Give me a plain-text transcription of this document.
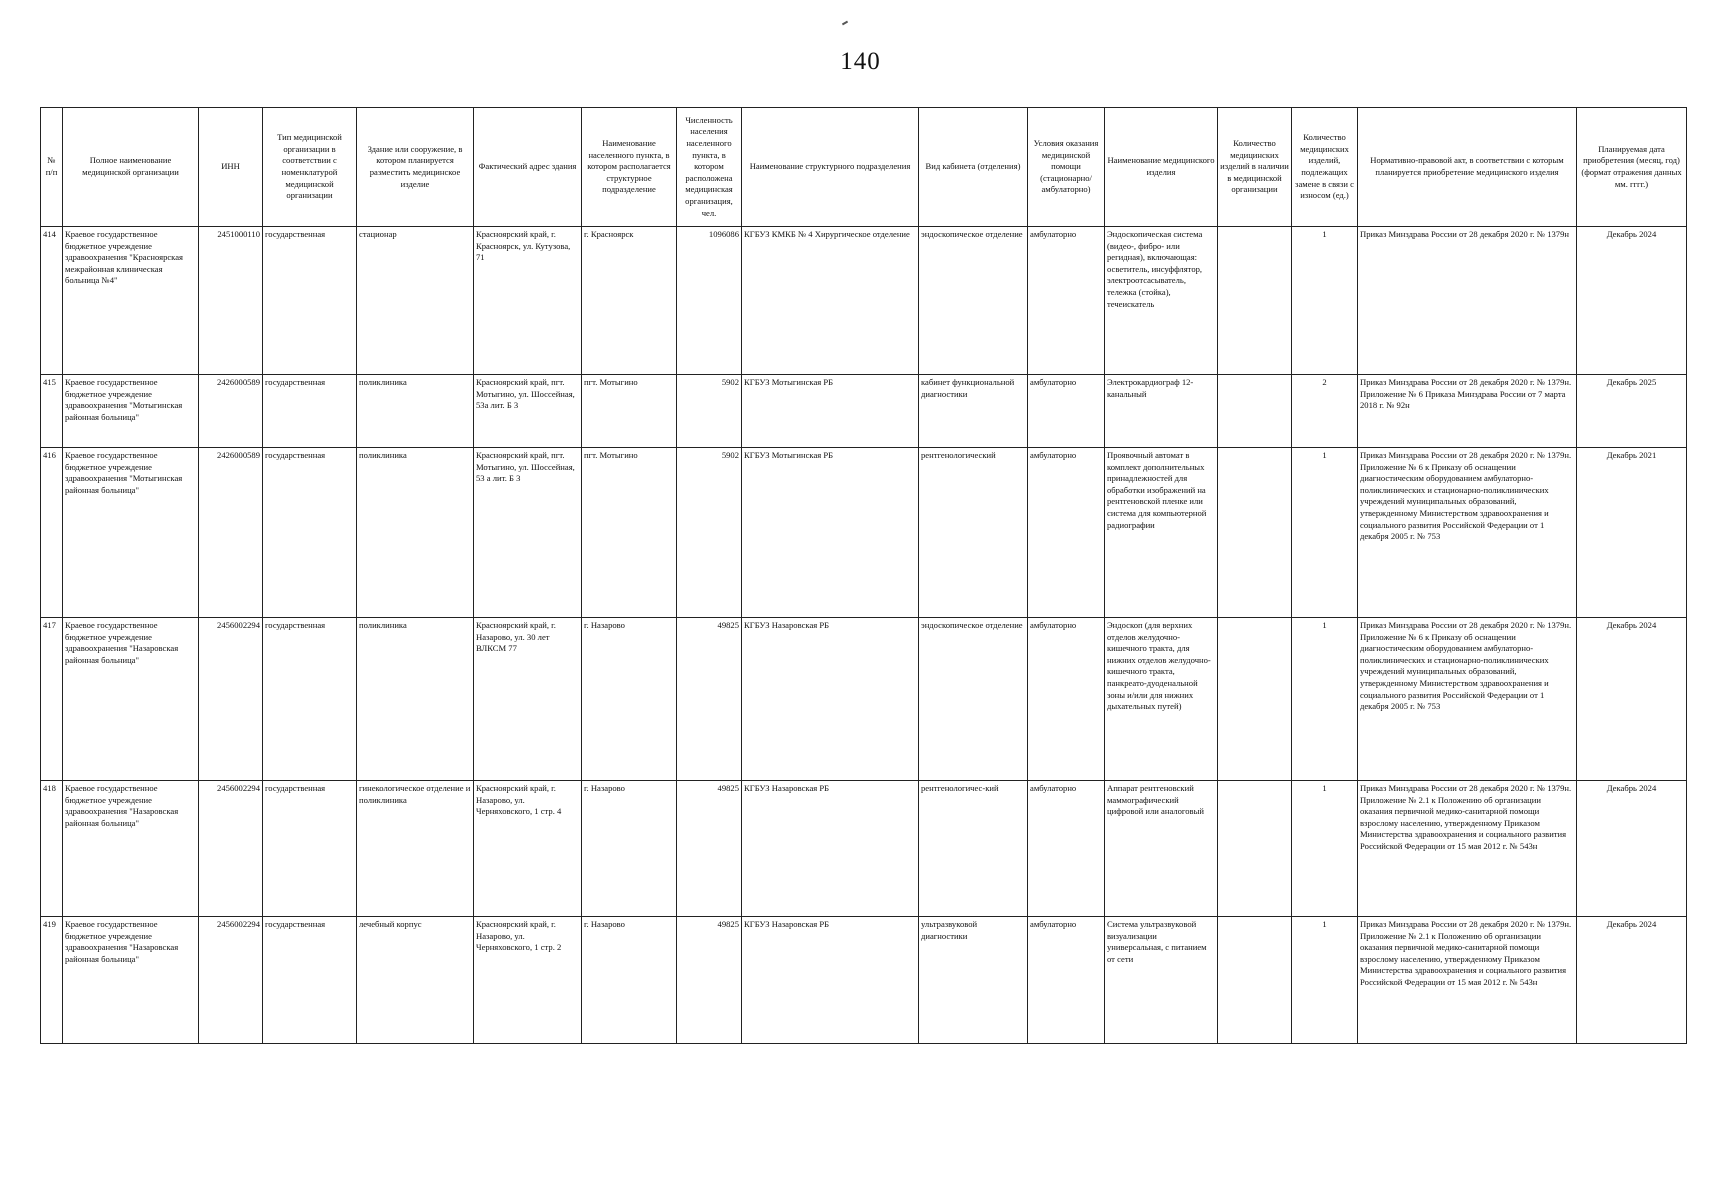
140
№ п/п	Полное наименование медицинской организации	ИНН	Тип медицинской организации в соответствии с номенклатурой медицинской организации	Здание или сооружение, в котором планируется разместить медицинское изделие	Фактический адрес здания	Наименование населенного пункта, в котором располагается структурное подразделение	Численность населения населенного пункта, в котором расположена медицинская организация, чел.	Наименование структурного подразделения	Вид кабинета (отделения)	Условия оказания медицинской помощи (стационарно/ амбулаторно)	Наименование медицинского изделия	Количество медицинских изделий в наличии в медицинской организации	Количество медицинских изделий, подлежащих замене в связи с износом (ед.)	Нормативно-правовой акт, в соответствии с которым планируется приобретение медицинского изделия	Планируемая дата приобретения (месяц, год) (формат отражения данных мм. гггг.)
414	Краевое государственное бюджетное учреждение здравоохранения "Красноярская межрайонная клиническая больница №4"	2451000110	государственная	стационар	Красноярский край, г. Красноярск, ул. Кутузова, 71	г. Красноярск	1096086	КГБУЗ КМКБ № 4 Хирургическое отделение	эндоскопическое отделение	амбулаторно	Эндоскопическая система (видео-, фибро- или регидная), включающая: осветитель, инсуффлятор, электроотсасыватель, тележка (стойка), течеискатель		1	Приказ Минздрава России от 28 декабря 2020 г. № 1379н	Декабрь 2024
415	Краевое государственное бюджетное учреждение здравоохранения "Мотыгинская районная больница"	2426000589	государственная	поликлиника	Красноярский край, пгт. Мотыгино, ул. Шоссейная, 53а лит. Б 3	пгт. Мотыгино	5902	КГБУЗ Мотыгинская РБ	кабинет функциональной диагностики	амбулаторно	Электрокардиограф 12-канальный		2	Приказ Минздрава России от 28 декабря 2020 г. № 1379н. Приложение № 6 Приказа Минздрава России от 7 марта 2018 г. № 92н	Декабрь 2025
416	Краевое государственное бюджетное учреждение здравоохранения "Мотыгинская районная больница"	2426000589	государственная	поликлиника	Красноярский край, пгт. Мотыгино, ул. Шоссейная, 53 а лит. Б 3	пгт. Мотыгино	5902	КГБУЗ Мотыгинская РБ	рентгенологический	амбулаторно	Проявочный автомат в комплект дополнительных принадлежностей для обработки изображений на рентгеновской пленке или система для компьютерной радиографии		1	Приказ Минздрава России от 28 декабря 2020 г. № 1379н. Приложение № 6 к Приказу об оснащении диагностическим оборудованием амбулаторно-поликлинических и стационарно-поликлинических учреждений муниципальных образований, утвержденному Министерством здравоохранения и социального развития Российской Федерации от 1 декабря 2005 г. № 753	Декабрь 2021
417	Краевое государственное бюджетное учреждение здравоохранения "Назаровская районная больница"	2456002294	государственная	поликлиника	Красноярский край, г. Назарово, ул. 30 лет ВЛКСМ 77	г. Назарово	49825	КГБУЗ Назаровская РБ	эндоскопическое отделение	амбулаторно	Эндоскоп (для верхних отделов желудочно-кишечного тракта, для нижних отделов желудочно-кишечного тракта, панкреато-дуоденальной зоны и/или для нижних дыхательных путей)		1	Приказ Минздрава России от 28 декабря 2020 г. № 1379н. Приложение № 6 к Приказу об оснащении диагностическим оборудованием амбулаторно-поликлинических и стационарно-поликлинических учреждений муниципальных образований, утвержденному Министерством здравоохранения и социального развития Российской Федерации от 1 декабря 2005 г. № 753	Декабрь 2024
418	Краевое государственное бюджетное учреждение здравоохранения "Назаровская районная больница"	2456002294	государственная	гинекологическое отделение и поликлиника	Красноярский край, г. Назарово, ул. Черняховского, 1 стр. 4	г. Назарово	49825	КГБУЗ Назаровская РБ	рентгенологичес-кий	амбулаторно	Аппарат рентгеновский маммографический цифровой или аналоговый		1	Приказ Минздрава России от 28 декабря 2020 г. № 1379н. Приложение № 2.1 к Положению об организации оказания первичной медико-санитарной помощи взрослому населению, утвержденному Приказом Министерства здравоохранения и социального развития Российской Федерации от 15 мая 2012 г. № 543н	Декабрь 2024
419	Краевое государственное бюджетное учреждение здравоохранения "Назаровская районная больница"	2456002294	государственная	лечебный корпус	Красноярский край, г. Назарово, ул. Черняховского, 1 стр. 2	г. Назарово	49825	КГБУЗ Назаровская РБ	ультразвуковой диагностики	амбулаторно	Система ультразвуковой визуализации универсальная, с питанием от сети		1	Приказ Минздрава России от 28 декабря 2020 г. № 1379н. Приложение № 2.1 к Положению об организации оказания первичной медико-санитарной помощи взрослому населению, утвержденному Приказом Министерства здравоохранения и социального развития Российской Федерации от 15 мая 2012 г. № 543н	Декабрь 2024
